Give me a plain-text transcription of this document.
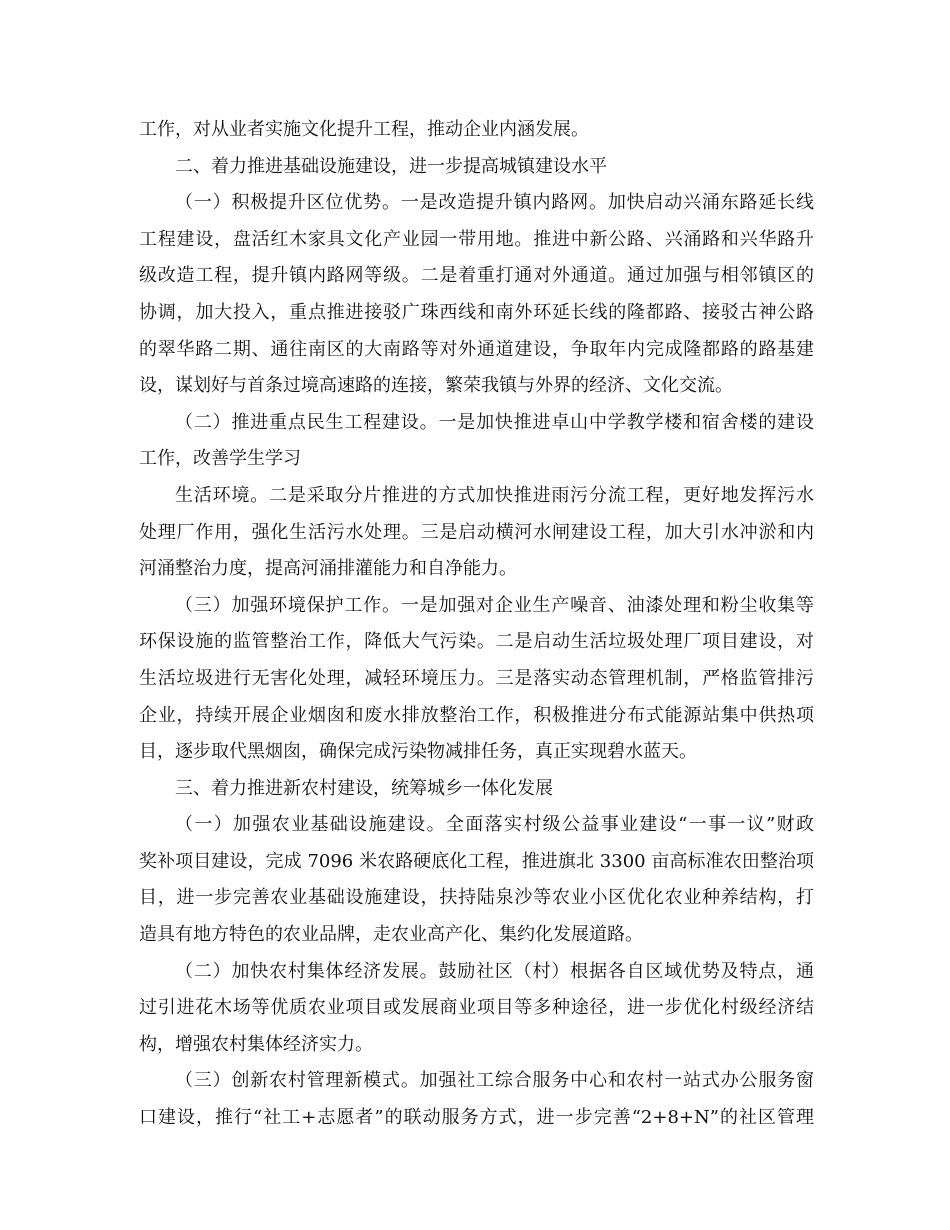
工作，对从业者实施文化提升工程，推动企业内涵发展。
二、着力推进基础设施建设，进一步提高城镇建设水平
（一）积极提升区位优势。一是改造提升镇内路网。加快启动兴涌东路延长线
工程建设，盘活红木家具文化产业园一带用地。推进中新公路、兴涌路和兴华路升
级改造工程，提升镇内路网等级。二是着重打通对外通道。通过加强与相邻镇区的
协调，加大投入，重点推进接驳广珠西线和南外环延长线的隆都路、接驳古神公路
的翠华路二期、通往南区的大南路等对外通道建设，争取年内完成隆都路的路基建
设，谋划好与首条过境高速路的连接，繁荣我镇与外界的经济、文化交流。
（二）推进重点民生工程建设。一是加快推进卓山中学教学楼和宿舍楼的建设
工作，改善学生学习
生活环境。二是采取分片推进的方式加快推进雨污分流工程，更好地发挥污水
处理厂作用，强化生活污水处理。三是启动横河水闸建设工程，加大引水冲淤和内
河涌整治力度，提高河涌排灌能力和自净能力。
（三）加强环境保护工作。一是加强对企业生产噪音、油漆处理和粉尘收集等
环保设施的监管整治工作，降低大气污染。二是启动生活垃圾处理厂项目建设，对
生活垃圾进行无害化处理，减轻环境压力。三是落实动态管理机制，严格监管排污
企业，持续开展企业烟囱和废水排放整治工作，积极推进分布式能源站集中供热项
目，逐步取代黑烟囱，确保完成污染物减排任务，真正实现碧水蓝天。
三、着力推进新农村建设，统筹城乡一体化发展
（一）加强农业基础设施建设。全面落实村级公益事业建设“一事一议”财政
奖补项目建设，完成 7096 米农路硬底化工程，推进旗北 3300 亩高标准农田整治项
目，进一步完善农业基础设施建设，扶持陆泉沙等农业小区优化农业种养结构，打
造具有地方特色的农业品牌，走农业高产化、集约化发展道路。
（二）加快农村集体经济发展。鼓励社区（村）根据各自区域优势及特点，通
过引进花木场等优质农业项目或发展商业项目等多种途径，进一步优化村级经济结
构，增强农村集体经济实力。
（三）创新农村管理新模式。加强社工综合服务中心和农村一站式办公服务窗
口建设，推行“社工+志愿者”的联动服务方式，进一步完善“2+8+N”的社区管理
